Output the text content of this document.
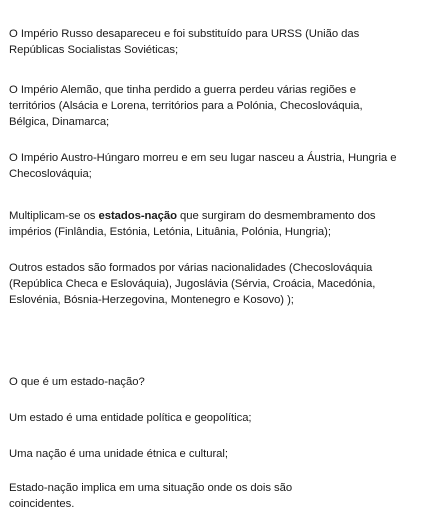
O Império Russo desapareceu e foi substituído para URSS (União das Repúblicas Socialistas Soviéticas;

O Império Alemão, que tinha perdido a guerra perdeu várias regiões e territórios (Alsácia e Lorena, territórios para a Polónia, Checoslováquia, Bélgica, Dinamarca;

O Império Austro-Húngaro morreu e em seu lugar nasceu a Áustria, Hungria e Checoslováquia;

Multiplicam-se os estados-nação que surgiram do desmembramento dos impérios (Finlândia, Estónia, Letónia, Lituânia, Polónia, Hungria);

Outros estados são formados por várias nacionalidades (Checoslováquia (República Checa e Eslováquia), Jugoslávia (Sérvia, Croácia, Macedónia, Eslovénia, Bósnia-Herzegovina, Montenegro e Kosovo) );

O que é um estado-nação?

Um estado é uma entidade política e geopolítica;

Uma nação é uma unidade étnica e cultural;

Estado-nação implica em uma situação onde os dois são coincidentes.
